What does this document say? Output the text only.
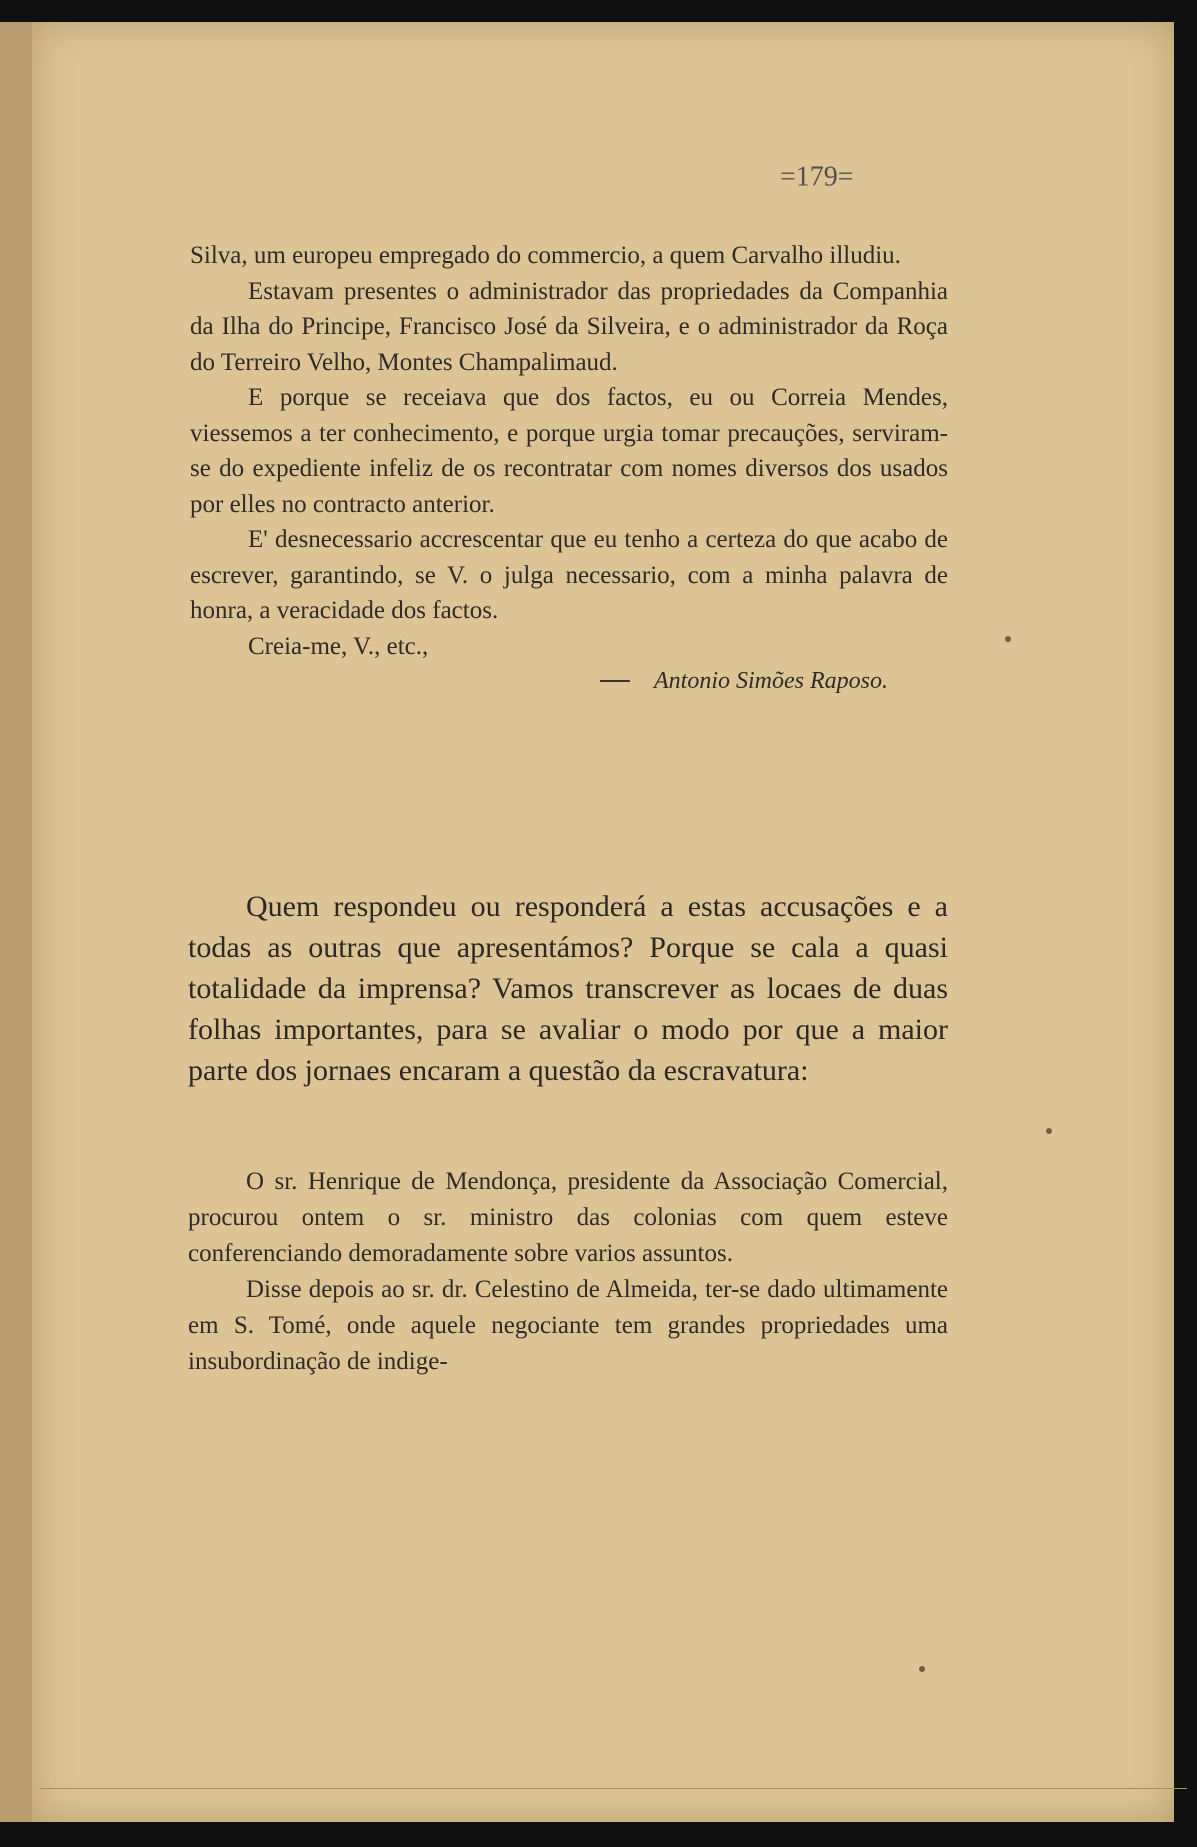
=179=

Silva, um europeu empregado do commercio, a quem Carvalho illudiu.

Estavam presentes o administrador das propriedades da Companhia da Ilha do Principe, Francisco José da Silveira, e o administrador da Roça do Terreiro Velho, Montes Champalimaud.

E porque se receiava que dos factos, eu ou Correia Mendes, viessemos a ter conhecimento, e porque urgia tomar precauções, serviram-se do expediente infeliz de os recontratar com nomes diversos dos usados por elles no contracto anterior.

E' desnecessario accrescentar que eu tenho a certeza do que acabo de escrever, garantindo, se V. o julga necessario, com a minha palavra de honra, a veracidade dos factos.

Creia-me, V., etc.,

Antonio Simões Raposo.

Quem respondeu ou responderá a estas accusações e a todas as outras que apresentámos? Porque se cala a quasi totalidade da imprensa? Vamos transcrever as locaes de duas folhas importantes, para se avaliar o modo por que a maior parte dos jornaes encaram a questão da escravatura:

O sr. Henrique de Mendonça, presidente da Associação Comercial, procurou ontem o sr. ministro das colonias com quem esteve conferenciando demoradamente sobre varios assuntos.

Disse depois ao sr. dr. Celestino de Almeida, ter-se dado ultimamente em S. Tomé, onde aquele negociante tem grandes propriedades uma insubordinação de indige-
